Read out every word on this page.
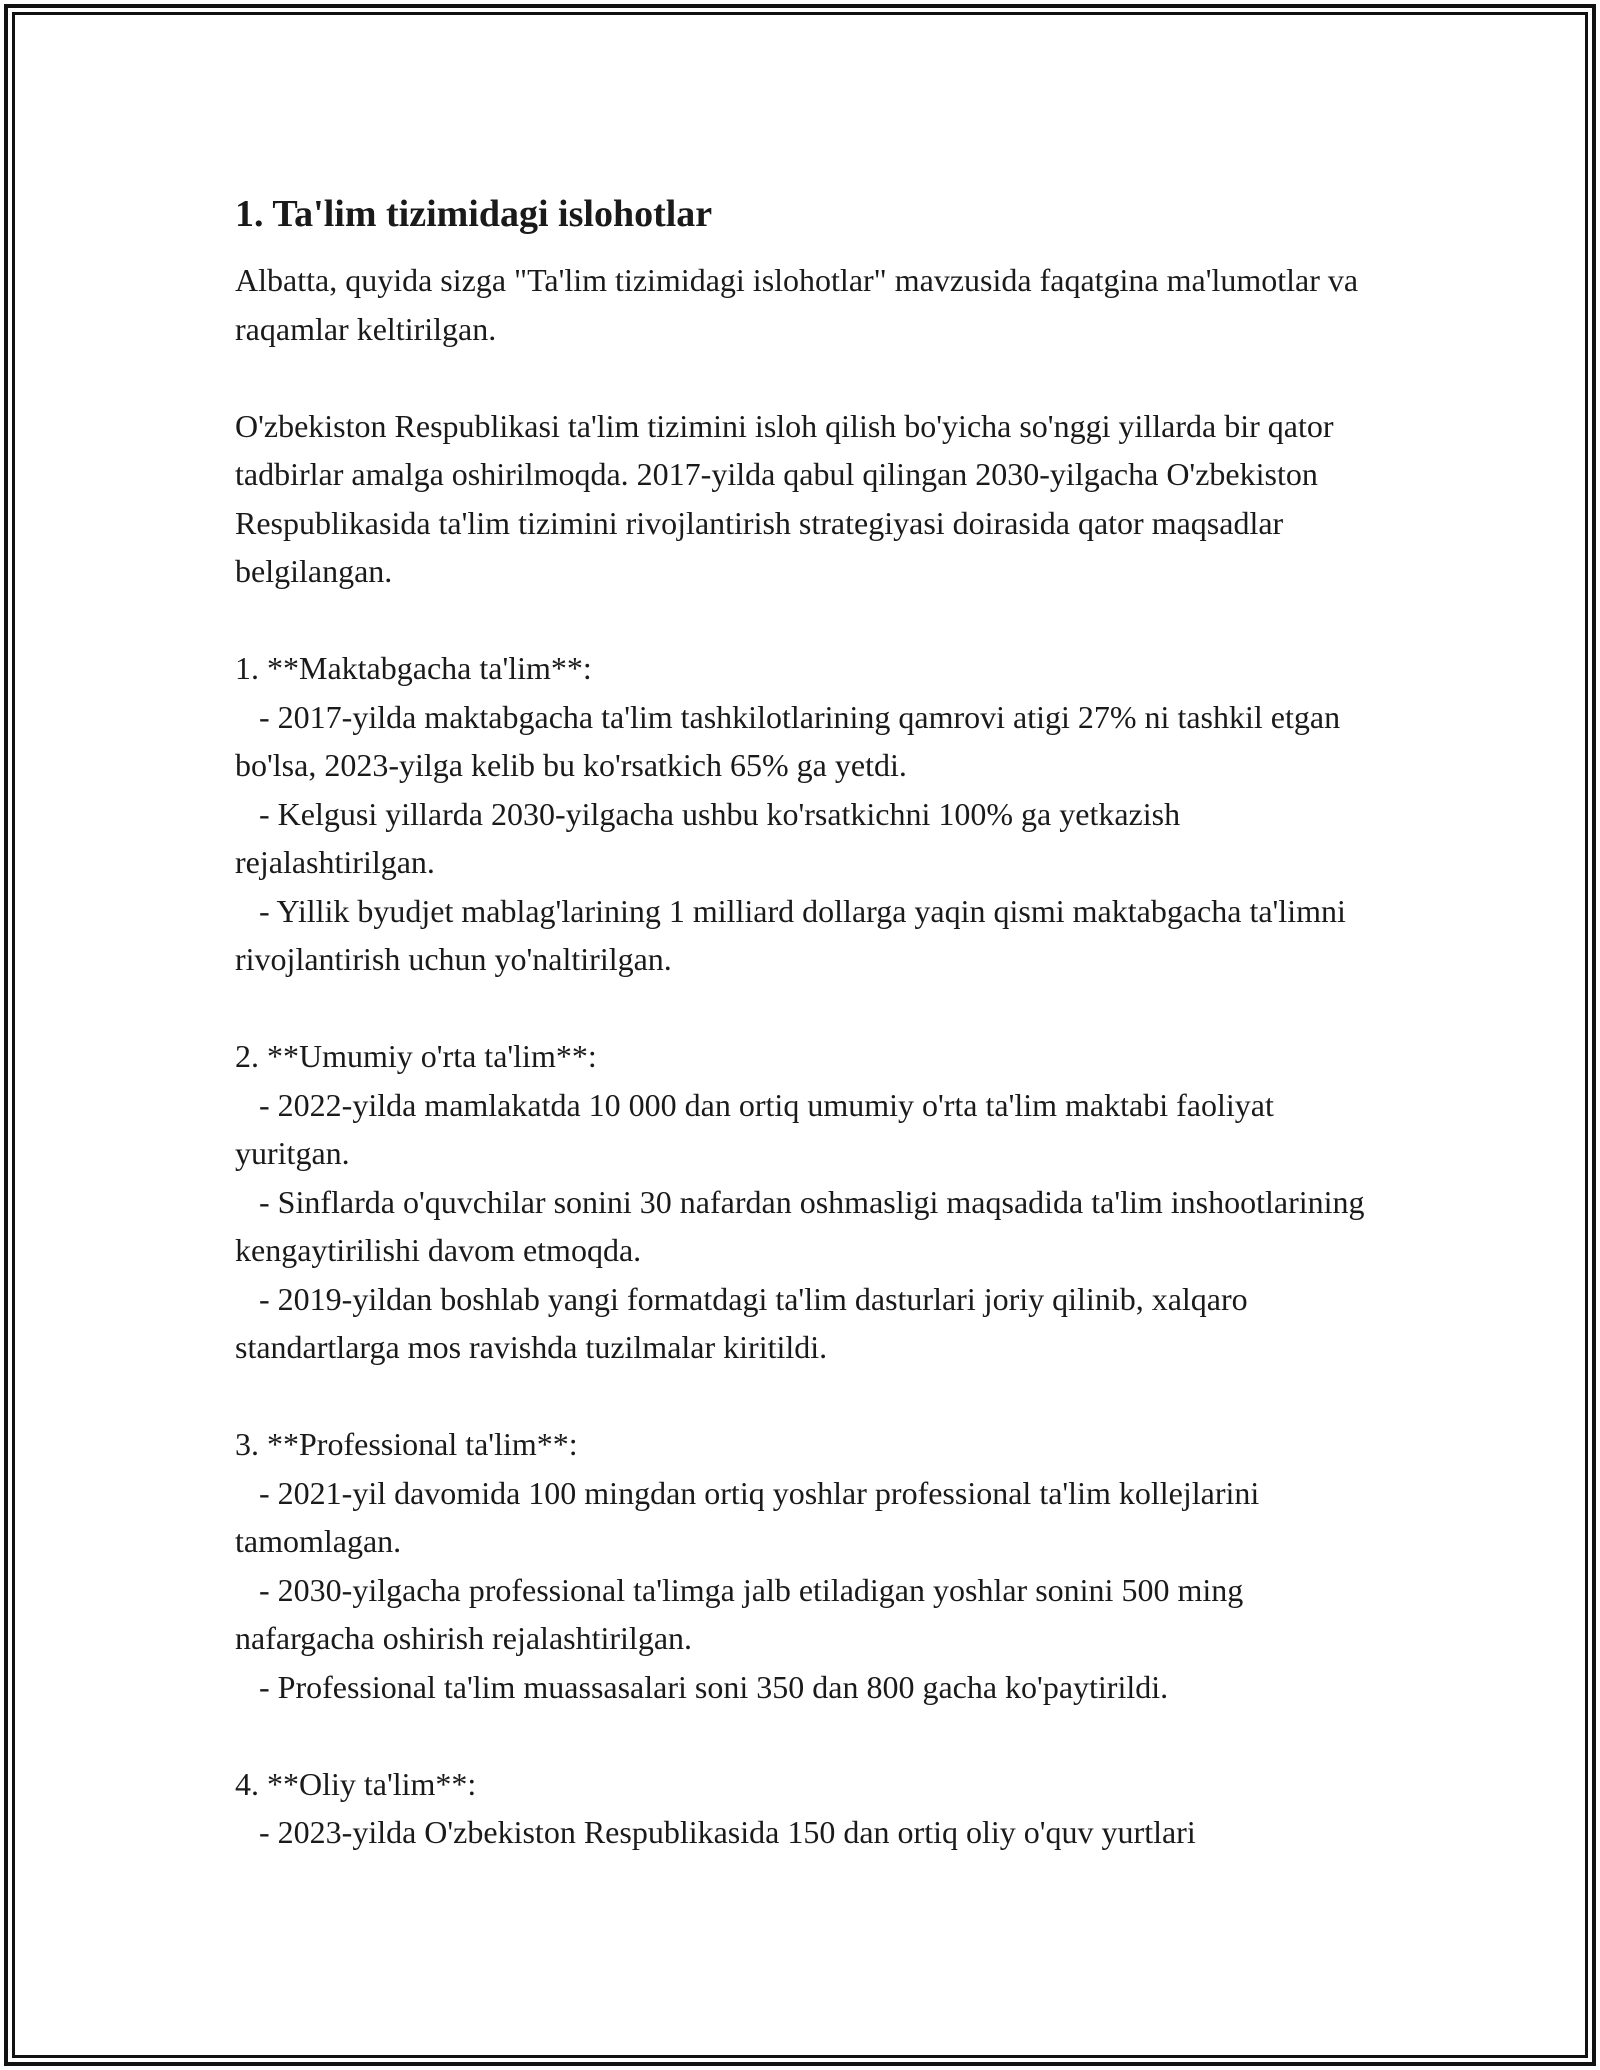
1. Ta'lim tizimidagi islohotlar

Albatta, quyida sizga "Ta'lim tizimidagi islohotlar" mavzusida faqatgina ma'lumotlar va raqamlar keltirilgan.

O'zbekiston Respublikasi ta'lim tizimini isloh qilish bo'yicha so'nggi yillarda bir qator tadbirlar amalga oshirilmoqda. 2017-yilda qabul qilingan 2030-yilgacha O'zbekiston Respublikasida ta'lim tizimini rivojlantirish strategiyasi doirasida qator maqsadlar belgilangan.

1. **Maktabgacha ta'lim**:

- 2017-yilda maktabgacha ta'lim tashkilotlarining qamrovi atigi 27% ni tashkil etgan bo'lsa, 2023-yilga kelib bu ko'rsatkich 65% ga yetdi.

- Kelgusi yillarda 2030-yilgacha ushbu ko'rsatkichni 100% ga yetkazish rejalashtirilgan.

- Yillik byudjet mablag'larining 1 milliard dollarga yaqin qismi maktabgacha ta'limni rivojlantirish uchun yo'naltirilgan.

2. **Umumiy o'rta ta'lim**:

- 2022-yilda mamlakatda 10 000 dan ortiq umumiy o'rta ta'lim maktabi faoliyat yuritgan.

- Sinflarda o'quvchilar sonini 30 nafardan oshmasligi maqsadida ta'lim inshootlarining kengaytirilishi davom etmoqda.

- 2019-yildan boshlab yangi formatdagi ta'lim dasturlari joriy qilinib, xalqaro standartlarga mos ravishda tuzilmalar kiritildi.

3. **Professional ta'lim**:

- 2021-yil davomida 100 mingdan ortiq yoshlar professional ta'lim kollejlarini tamomlagan.

- 2030-yilgacha professional ta'limga jalb etiladigan yoshlar sonini 500 ming nafargacha oshirish rejalashtirilgan.

- Professional ta'lim muassasalari soni 350 dan 800 gacha ko'paytirildi.

4. **Oliy ta'lim**:

- 2023-yilda O'zbekiston Respublikasida 150 dan ortiq oliy o'quv yurtlari
